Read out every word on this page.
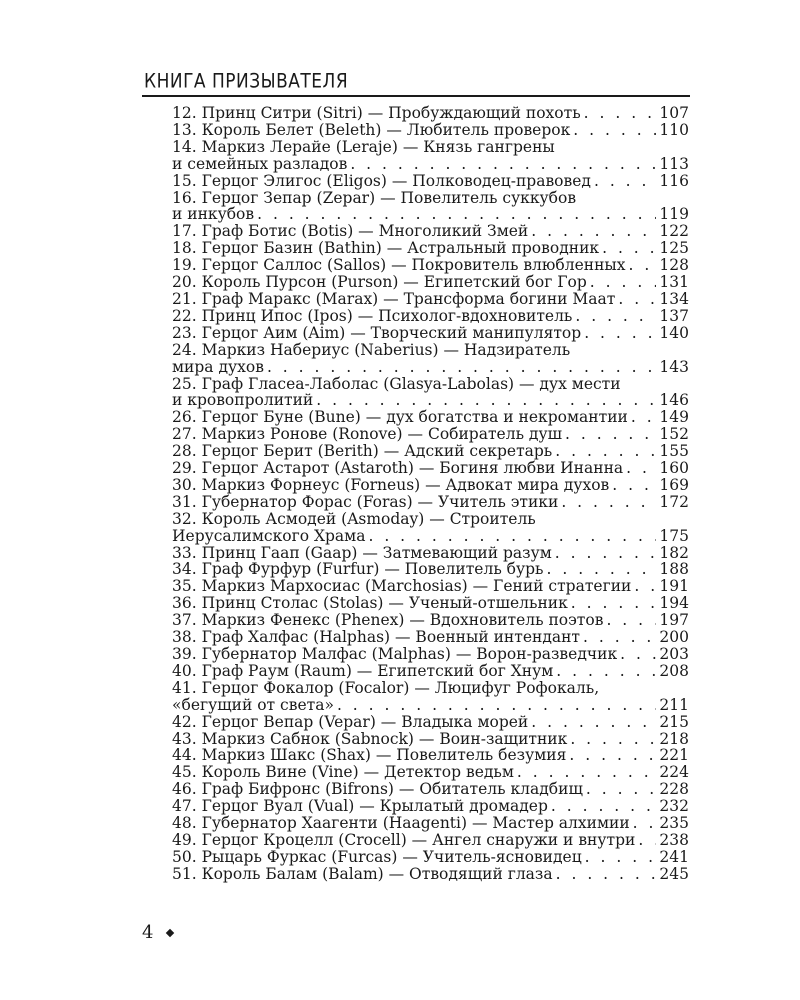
КНИГА ПРИЗЫВАТЕЛЯ
12. Принц Ситри (Sitri) — Пробуждающий похоть . . .	107
13. Король Белет (Beleth) — Любитель проверок . . .	110
14. Маркиз Лерайе (Leraje) — Князь гангрены
и семейных разладов . . .	113
15. Герцог Элигос (Eligos) — Полководец-правовед . . .	116
16. Герцог Зепар (Zepar) — Повелитель суккубов
и инкубов . . .	119
17. Граф Ботис (Botis) — Многоликий Змей . . .	122
18. Герцог Базин (Bathin) — Астральный проводник . . .	125
19. Герцог Саллос (Sallos) — Покровитель влюбленных . . . 128
20. Король Пурсон (Purson) — Египетский бог Гор . . .	131
21. Граф Маракс (Marax) — Трансформа богини Маат . . .	134
22. Принц Ипос (Ipos) — Психолог-вдохновитель . . .	137
23. Герцог Аим (Aim) — Творческий манипулятор . . .	140
24. Маркиз Набериус (Naberius) — Надзиратель
мира духов . . .	143
25. Граф Гласеа-Лаболас (Glasya-Labolas) — дух мести
и кровопролитий . . .	146
26. Герцог Буне (Bune) — дух богатства и некромантии . . . 149
27. Маркиз Ронове (Ronove) — Собиратель душ . . .	152
28. Герцог Берит (Berith) — Адский секретарь . . .	155
29. Герцог Астарот (Astaroth) — Богиня любви Инанна . . . 160
30. Маркиз Форнеус (Forneus) — Адвокат мира духов . . .	169
31. Губернатор Форас (Foras) — Учитель этики . . .	172
32. Король Асмодей (Asmoday) — Строитель
Иерусалимского Храма . . .	175
33. Принц Гаап (Gaap) — Затмевающий разум . . .	182
34. Граф Фурфур (Furfur) — Повелитель бурь . . .	188
35. Маркиз Мархосиас (Marchosias) — Гений стратегии . . . 191
36. Принц Столас (Stolas) — Ученый-отшельник . . .	194
37. Маркиз Фенекс (Phenex) — Вдохновитель поэтов . . .	197
38. Граф Халфас (Halphas) — Военный интендант . . .	200
39. Губернатор Малфас (Malphas) — Ворон-разведчик . . .	203
40. Граф Раум (Raum) — Египетский бог Хнум . . .	208
41. Герцог Фокалор (Focalor) — Люцифуг Рофокаль,
«бегущий от света» . . .	211
42. Герцог Вепар (Vepar) — Владыка морей . . .	215
43. Маркиз Сабнок (Sabnock) — Воин-защитник . . .	218
44. Маркиз Шакс (Shax) — Повелитель безумия . . .	221
45. Король Вине (Vine) — Детектор ведьм . . .	224
46. Граф Бифронс (Bifrons) — Обитатель кладбищ . . .	228
47. Герцог Вуал (Vual) — Крылатый дромадер . . .	232
48. Губернатор Хаагенти (Haagenti) — Мастер алхимии . . . 235
49. Герцог Кроцелл (Crocell) — Ангел снаружи и внутри . . . 238
50. Рыцарь Фуркас (Furcas) — Учитель-ясновидец . . .	241
51. Король Балам (Balam) — Отводящий глаза . . .	245
4
